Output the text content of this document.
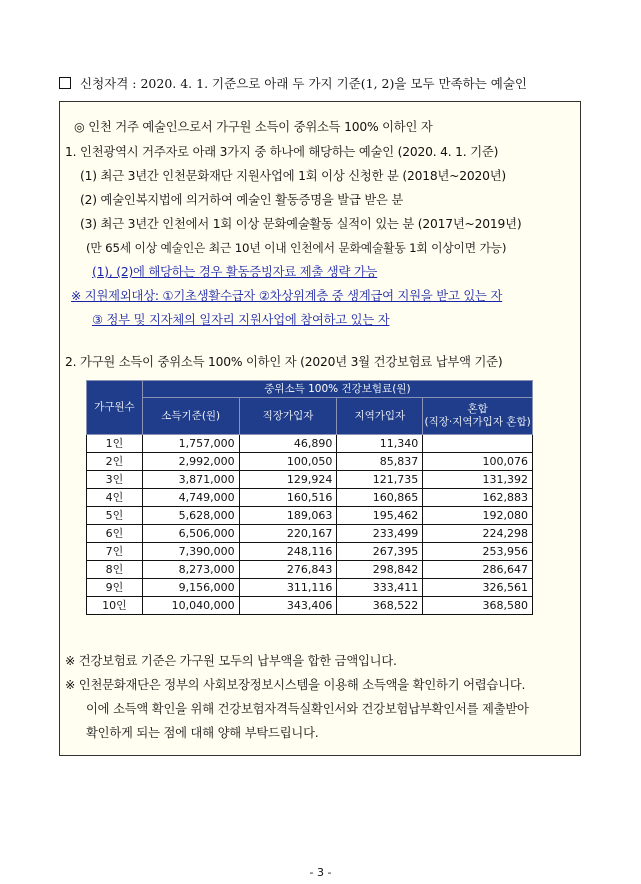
신청자격 : 2020. 4. 1. 기준으로 아래 두 가지 기준(1, 2)을 모두 만족하는 예술인
◎ 인천 거주 예술인으로서 가구원 소득이 중위소득 100% 이하인 자
1. 인천광역시 거주자로 아래 3가지 중 하나에 해당하는 예술인 (2020. 4. 1. 기준)
(1) 최근 3년간 인천문화재단 지원사업에 1회 이상 신청한 분 (2018년~2020년)
(2) 예술인복지법에 의거하여 예술인 활동증명을 발급 받은 분
(3) 최근 3년간 인천에서 1회 이상 문화예술활동 실적이 있는 분 (2017년~2019년)
(만 65세 이상 예술인은 최근 10년 이내 인천에서 문화예술활동 1회 이상이면 가능)
(1), (2)에 해당하는 경우 활동증빙자료 제출 생략 가능
※ 지원제외대상: ①기초생활수급자 ②차상위계층 중 생계급여 지원을 받고 있는 자
③ 정부 및 지자체의 일자리 지원사업에 참여하고 있는 자
2. 가구원 소득이 중위소득 100% 이하인 자 (2020년 3월 건강보험료 납부액 기준)
※ 건강보험료 기준은 가구원 모두의 납부액을 합한 금액입니다.
※ 인천문화재단은 정부의 사회보장정보시스템을 이용해 소득액을 확인하기 어렵습니다.
이에 소득액 확인을 위해 건강보험자격득실확인서와 건강보험납부확인서를 제출받아
확인하게 되는 점에 대해 양해 부탁드립니다.
가구원수	중위소득 100% 건강보험료(원)			
	소득기준(원)	직장가입자	지역가입자	혼합
(직장·지역가입자 혼합)

1인	1,757,000	46,890	11,340	
2인	2,992,000	100,050	85,837	100,076
3인	3,871,000	129,924	121,735	131,392
4인	4,749,000	160,516	160,865	162,883
5인	5,628,000	189,063	195,462	192,080
6인	6,506,000	220,167	233,499	224,298
7인	7,390,000	248,116	267,395	253,956
8인	8,273,000	276,843	298,842	286,647
9인	9,156,000	311,116	333,411	326,561
10인	10,040,000	343,406	368,522	368,580
- 3 -
